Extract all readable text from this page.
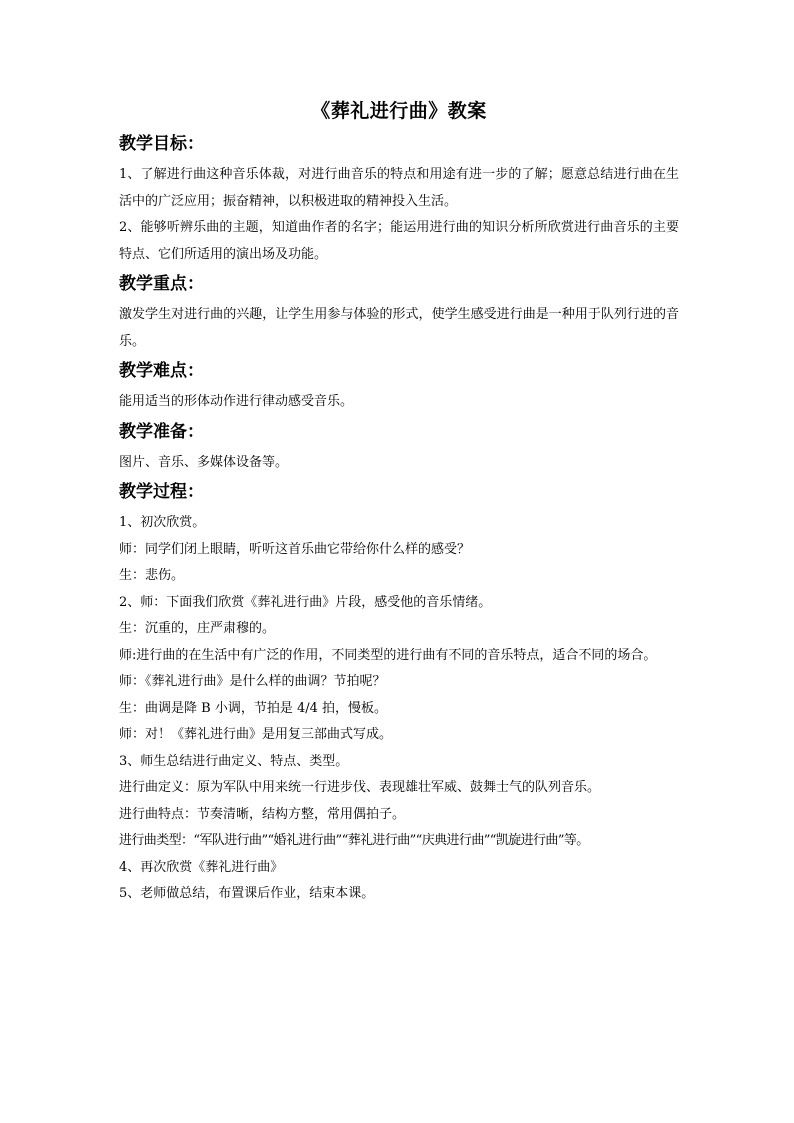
《葬礼进行曲》教案
教学目标：

1、了解进行曲这种音乐体裁，对进行曲音乐的特点和用途有进一步的了解；愿意总结进行曲在生活中的广泛应用；振奋精神，以积极进取的精神投入生活。

2、能够听辨乐曲的主题，知道曲作者的名字；能运用进行曲的知识分析所欣赏进行曲音乐的主要特点、它们所适用的演出场及功能。

教学重点：

激发学生对进行曲的兴趣，让学生用参与体验的形式，使学生感受进行曲是一种用于队列行进的音乐。

教学难点：

能用适当的形体动作进行律动感受音乐。

教学准备：

图片、音乐、多媒体设备等。

教学过程：

1、初次欣赏。

师：同学们闭上眼睛，听听这首乐曲它带给你什么样的感受？

生：悲伤。

2、师：下面我们欣赏《葬礼进行曲》片段，感受他的音乐情绪。

生：沉重的，庄严肃穆的。

师:进行曲的在生活中有广泛的作用，不同类型的进行曲有不同的音乐特点，适合不同的场合。

师：《葬礼进行曲》是什么样的曲调？节拍呢？

生：曲调是降 B 小调，节拍是 4/4 拍，慢板。

师：对！《葬礼进行曲》是用复三部曲式写成。

3、师生总结进行曲定义、特点、类型。

进行曲定义：原为军队中用来统一行进步伐、表现雄壮军威、鼓舞士气的队列音乐。

进行曲特点：节奏清晰，结构方整，常用偶拍子。

进行曲类型：“军队进行曲”“婚礼进行曲”“葬礼进行曲”“庆典进行曲”“凯旋进行曲”等。

4、再次欣赏《葬礼进行曲》

5、老师做总结，布置课后作业，结束本课。
